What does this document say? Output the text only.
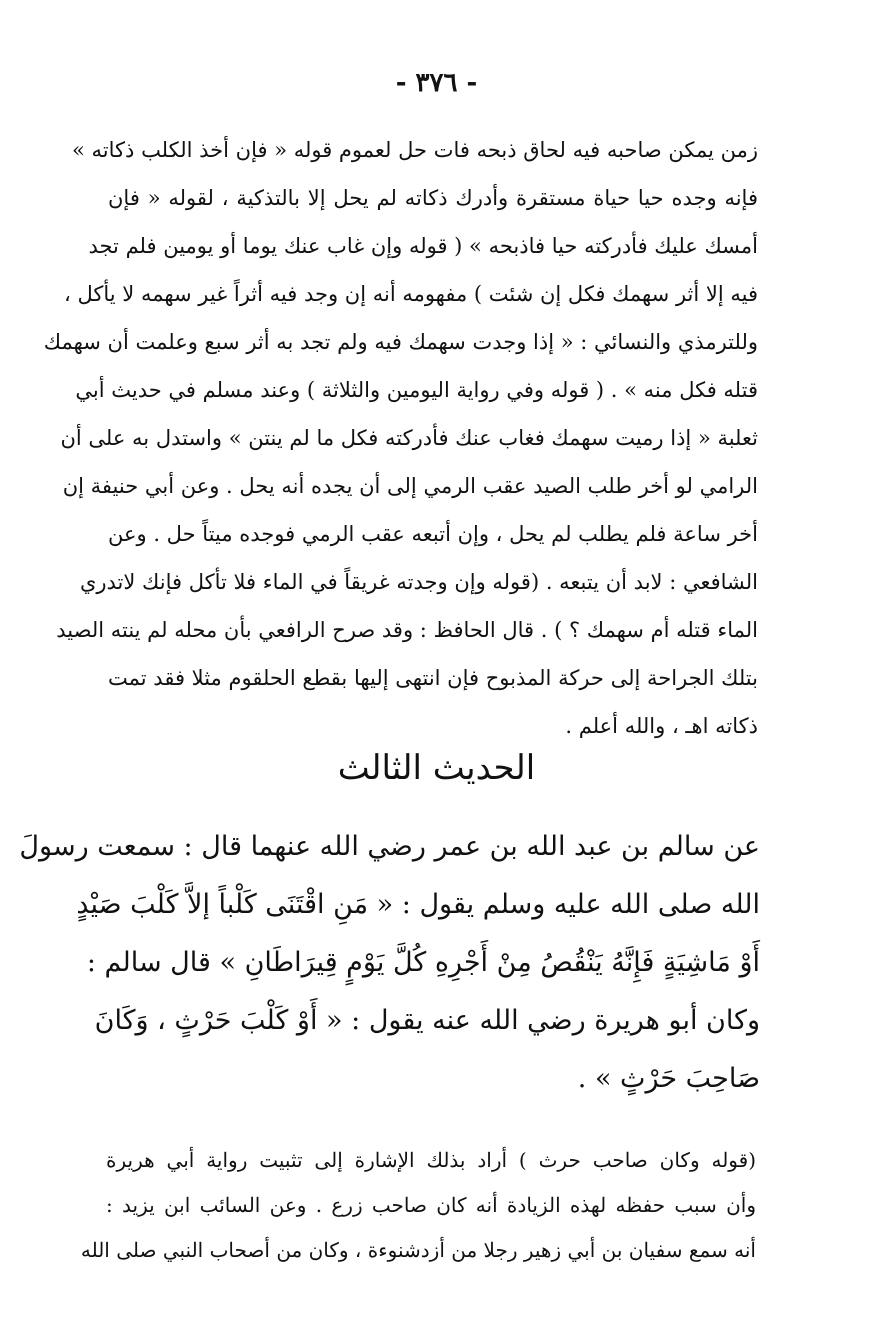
- ٣٧٦ -
زمن يمكن صاحبه فيه لحاق ذبحه فات حل لعموم قوله « فإن أخذ الكلب ذكاته »
فإنه وجده حيا حياة مستقرة وأدرك ذكاته لم يحل إلا بالتذكية ، لقوله « فإن
أمسك عليك فأدركته حيا فاذبحه » ( قوله وإن غاب عنك يوما أو يومين فلم تجد
فيه إلا أثر سهمك فكل إن شئت ) مفهومه أنه إن وجد فيه أثراً غير سهمه لا يأكل ،
وللترمذي والنسائي : « إذا وجدت سهمك فيه ولم تجد به أثر سبع وعلمت أن سهمك
قتله فكل منه » . ( قوله وفي رواية اليومين والثلاثة ) وعند مسلم في حديث أبي
ثعلبة « إذا رميت سهمك فغاب عنك فأدركته فكل ما لم ينتن » واستدل به على أن
الرامي لو أخر طلب الصيد عقب الرمي إلى أن يجده أنه يحل . وعن أبي حنيفة إن
أخر ساعة فلم يطلب لم يحل ، وإن أتبعه عقب الرمي فوجده ميتاً حل . وعن
الشافعي : لابد أن يتبعه . (قوله وإن وجدته غريقاً في الماء فلا تأكل فإنك لاتدري
الماء قتله أم سهمك ؟ ) . قال الحافظ : وقد صرح الرافعي بأن محله لم ينته الصيد
بتلك الجراحة إلى حركة المذبوح فإن انتهى إليها بقطع الحلقوم مثلا فقد تمت
ذكاته اهـ ، والله أعلم .
الحديث الثالث
عن سالم بن عبد الله بن عمر رضي الله عنهما قال : سمعت رسولَ
الله صلى الله عليه وسلم يقول : « مَنِ اقْتَنَى كَلْباً إلاَّ كَلْبَ صَيْدٍ
أَوْ مَاشِيَةٍ فَإِنَّهُ يَنْقُصُ مِنْ أَجْرِهِ كُلَّ يَوْمٍ قِيرَاطَانِ » قال سالم :
وكان أبو هريرة رضي الله عنه يقول : « أَوْ كَلْبَ حَرْثٍ ، وَكَانَ
صَاحِبَ حَرْثٍ » .
(قوله وكان صاحب حرث ) أراد بذلك الإشارة إلى تثبيت رواية أبي هريرة
وأن سبب حفظه لهذه الزيادة أنه كان صاحب زرع . وعن السائب ابن يزيد :
أنه سمع سفيان بن أبي زهير رجلا من أزدشنوءة ، وكان من أصحاب النبي صلى الله
